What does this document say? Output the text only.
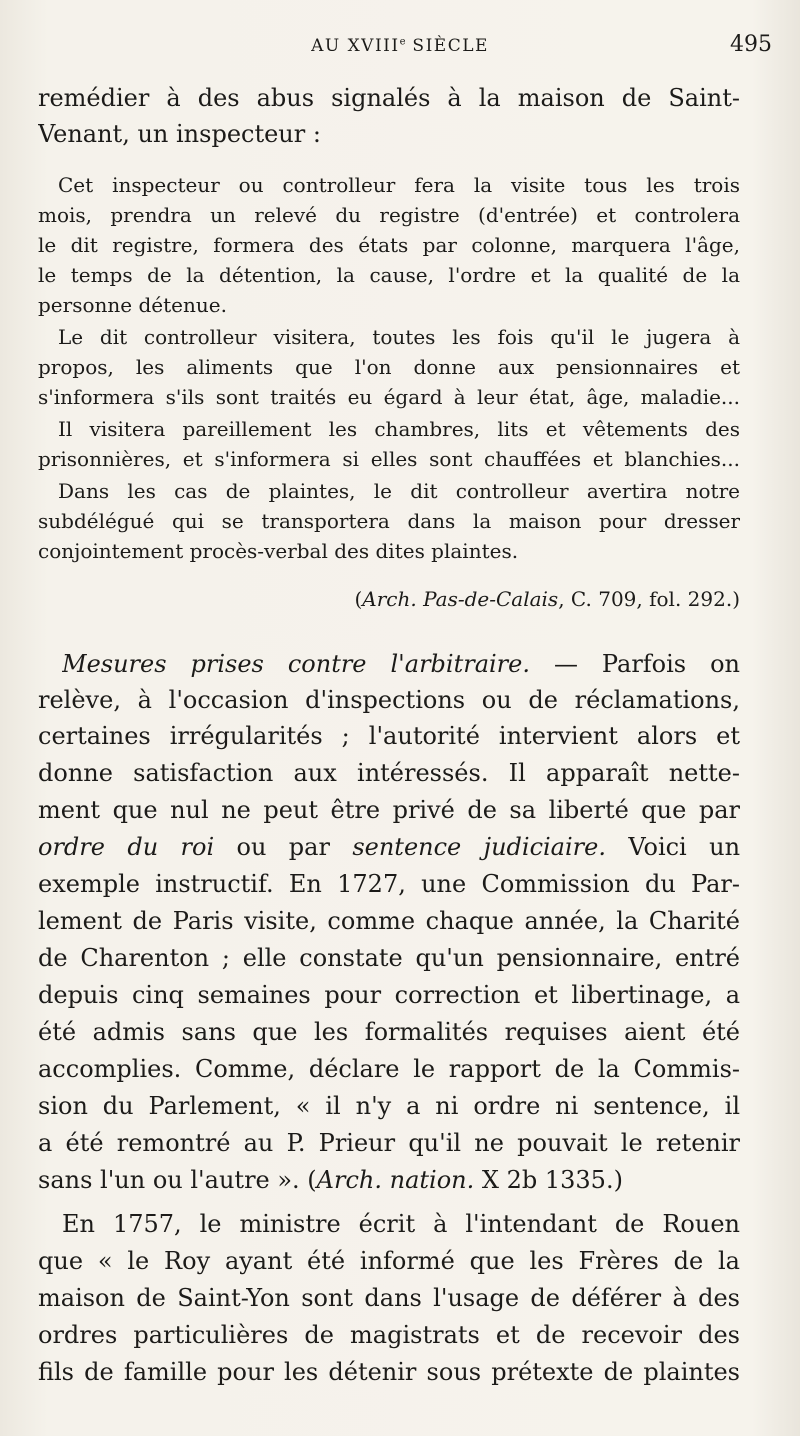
AU XVIIIe SIÈCLE	495
remédier à des abus signalés à la maison de Saint-
Venant, un inspecteur :
Cet inspecteur ou controlleur fera la visite tous les trois
mois, prendra un relevé du registre (d'entrée) et controlera
le dit registre, formera des états par colonne, marquera l'âge,
le temps de la détention, la cause, l'ordre et la qualité de la
personne détenue.
Le dit controlleur visitera, toutes les fois qu'il le jugera à
propos, les aliments que l'on donne aux pensionnaires et
s'informera s'ils sont traités eu égard à leur état, âge, maladie...
Il visitera pareillement les chambres, lits et vêtements des
prisonnières, et s'informera si elles sont chauffées et blanchies...
Dans les cas de plaintes, le dit controlleur avertira notre
subdélégué qui se transportera dans la maison pour dresser
conjointement procès-verbal des dites plaintes.
(Arch. Pas-de-Calais, C. 709, fol. 292.)
Mesures prises contre l'arbitraire. — Parfois on
relève, à l'occasion d'inspections ou de réclamations,
certaines irrégularités ; l'autorité intervient alors et
donne satisfaction aux intéressés. Il apparaît nette-
ment que nul ne peut être privé de sa liberté que par
ordre du roi ou par sentence judiciaire. Voici un
exemple instructif. En 1727, une Commission du Par-
lement de Paris visite, comme chaque année, la Charité
de Charenton ; elle constate qu'un pensionnaire, entré
depuis cinq semaines pour correction et libertinage, a
été admis sans que les formalités requises aient été
accomplies. Comme, déclare le rapport de la Commis-
sion du Parlement, « il n'y a ni ordre ni sentence, il
a été remontré au P. Prieur qu'il ne pouvait le retenir
sans l'un ou l'autre ». (Arch. nation. X 2b 1335.)
En 1757, le ministre écrit à l'intendant de Rouen
que « le Roy ayant été informé que les Frères de la
maison de Saint-Yon sont dans l'usage de déférer à des
ordres particulières de magistrats et de recevoir des
fils de famille pour les détenir sous prétexte de plaintes
